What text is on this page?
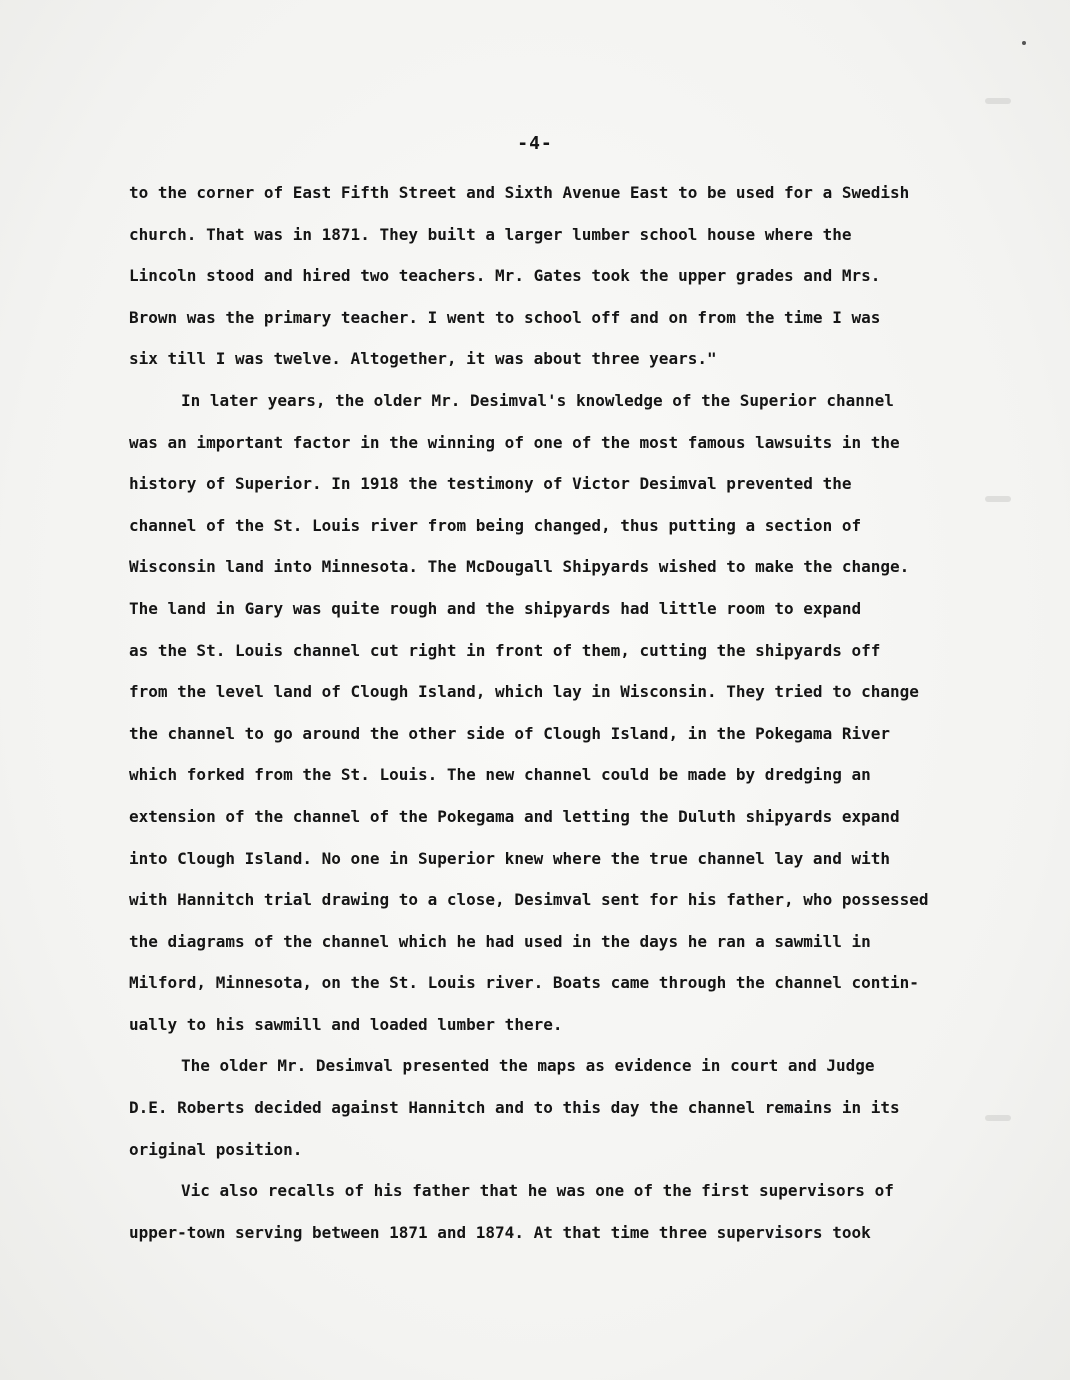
-4-
to the corner of East Fifth Street and Sixth Avenue East to be used for a Swedish
church. That was in 1871. They built a larger lumber school house where the
Lincoln stood and hired two teachers. Mr. Gates took the upper grades and Mrs.
Brown was the primary teacher. I went to school off and on from the time I was
six till I was twelve. Altogether, it was about three years."
In later years, the older Mr. Desimval's knowledge of the Superior channel
was an important factor in the winning of one of the most famous lawsuits in the
history of Superior. In 1918 the testimony of Victor Desimval prevented the
channel of the St. Louis river from being changed, thus putting a section of
Wisconsin land into Minnesota. The McDougall Shipyards wished to make the change.
The land in Gary was quite rough and the shipyards had little room to expand
as the St. Louis channel cut right in front of them, cutting the shipyards off
from the level land of Clough Island, which lay in Wisconsin. They tried to change
the channel to go around the other side of Clough Island, in the Pokegama River
which forked from the St. Louis. The new channel could be made by dredging an
extension of the channel of the Pokegama and letting the Duluth shipyards expand
into Clough Island. No one in Superior knew where the true channel lay and with
with Hannitch trial drawing to a close, Desimval sent for his father, who possessed
the diagrams of the channel which he had used in the days he ran a sawmill in
Milford, Minnesota, on the St. Louis river. Boats came through the channel contin-
ually to his sawmill and loaded lumber there.
The older Mr. Desimval presented the maps as evidence in court and Judge
D.E. Roberts decided against Hannitch and to this day the channel remains in its
original position.
Vic also recalls of his father that he was one of the first supervisors of
upper-town serving between 1871 and 1874. At that time three supervisors took
